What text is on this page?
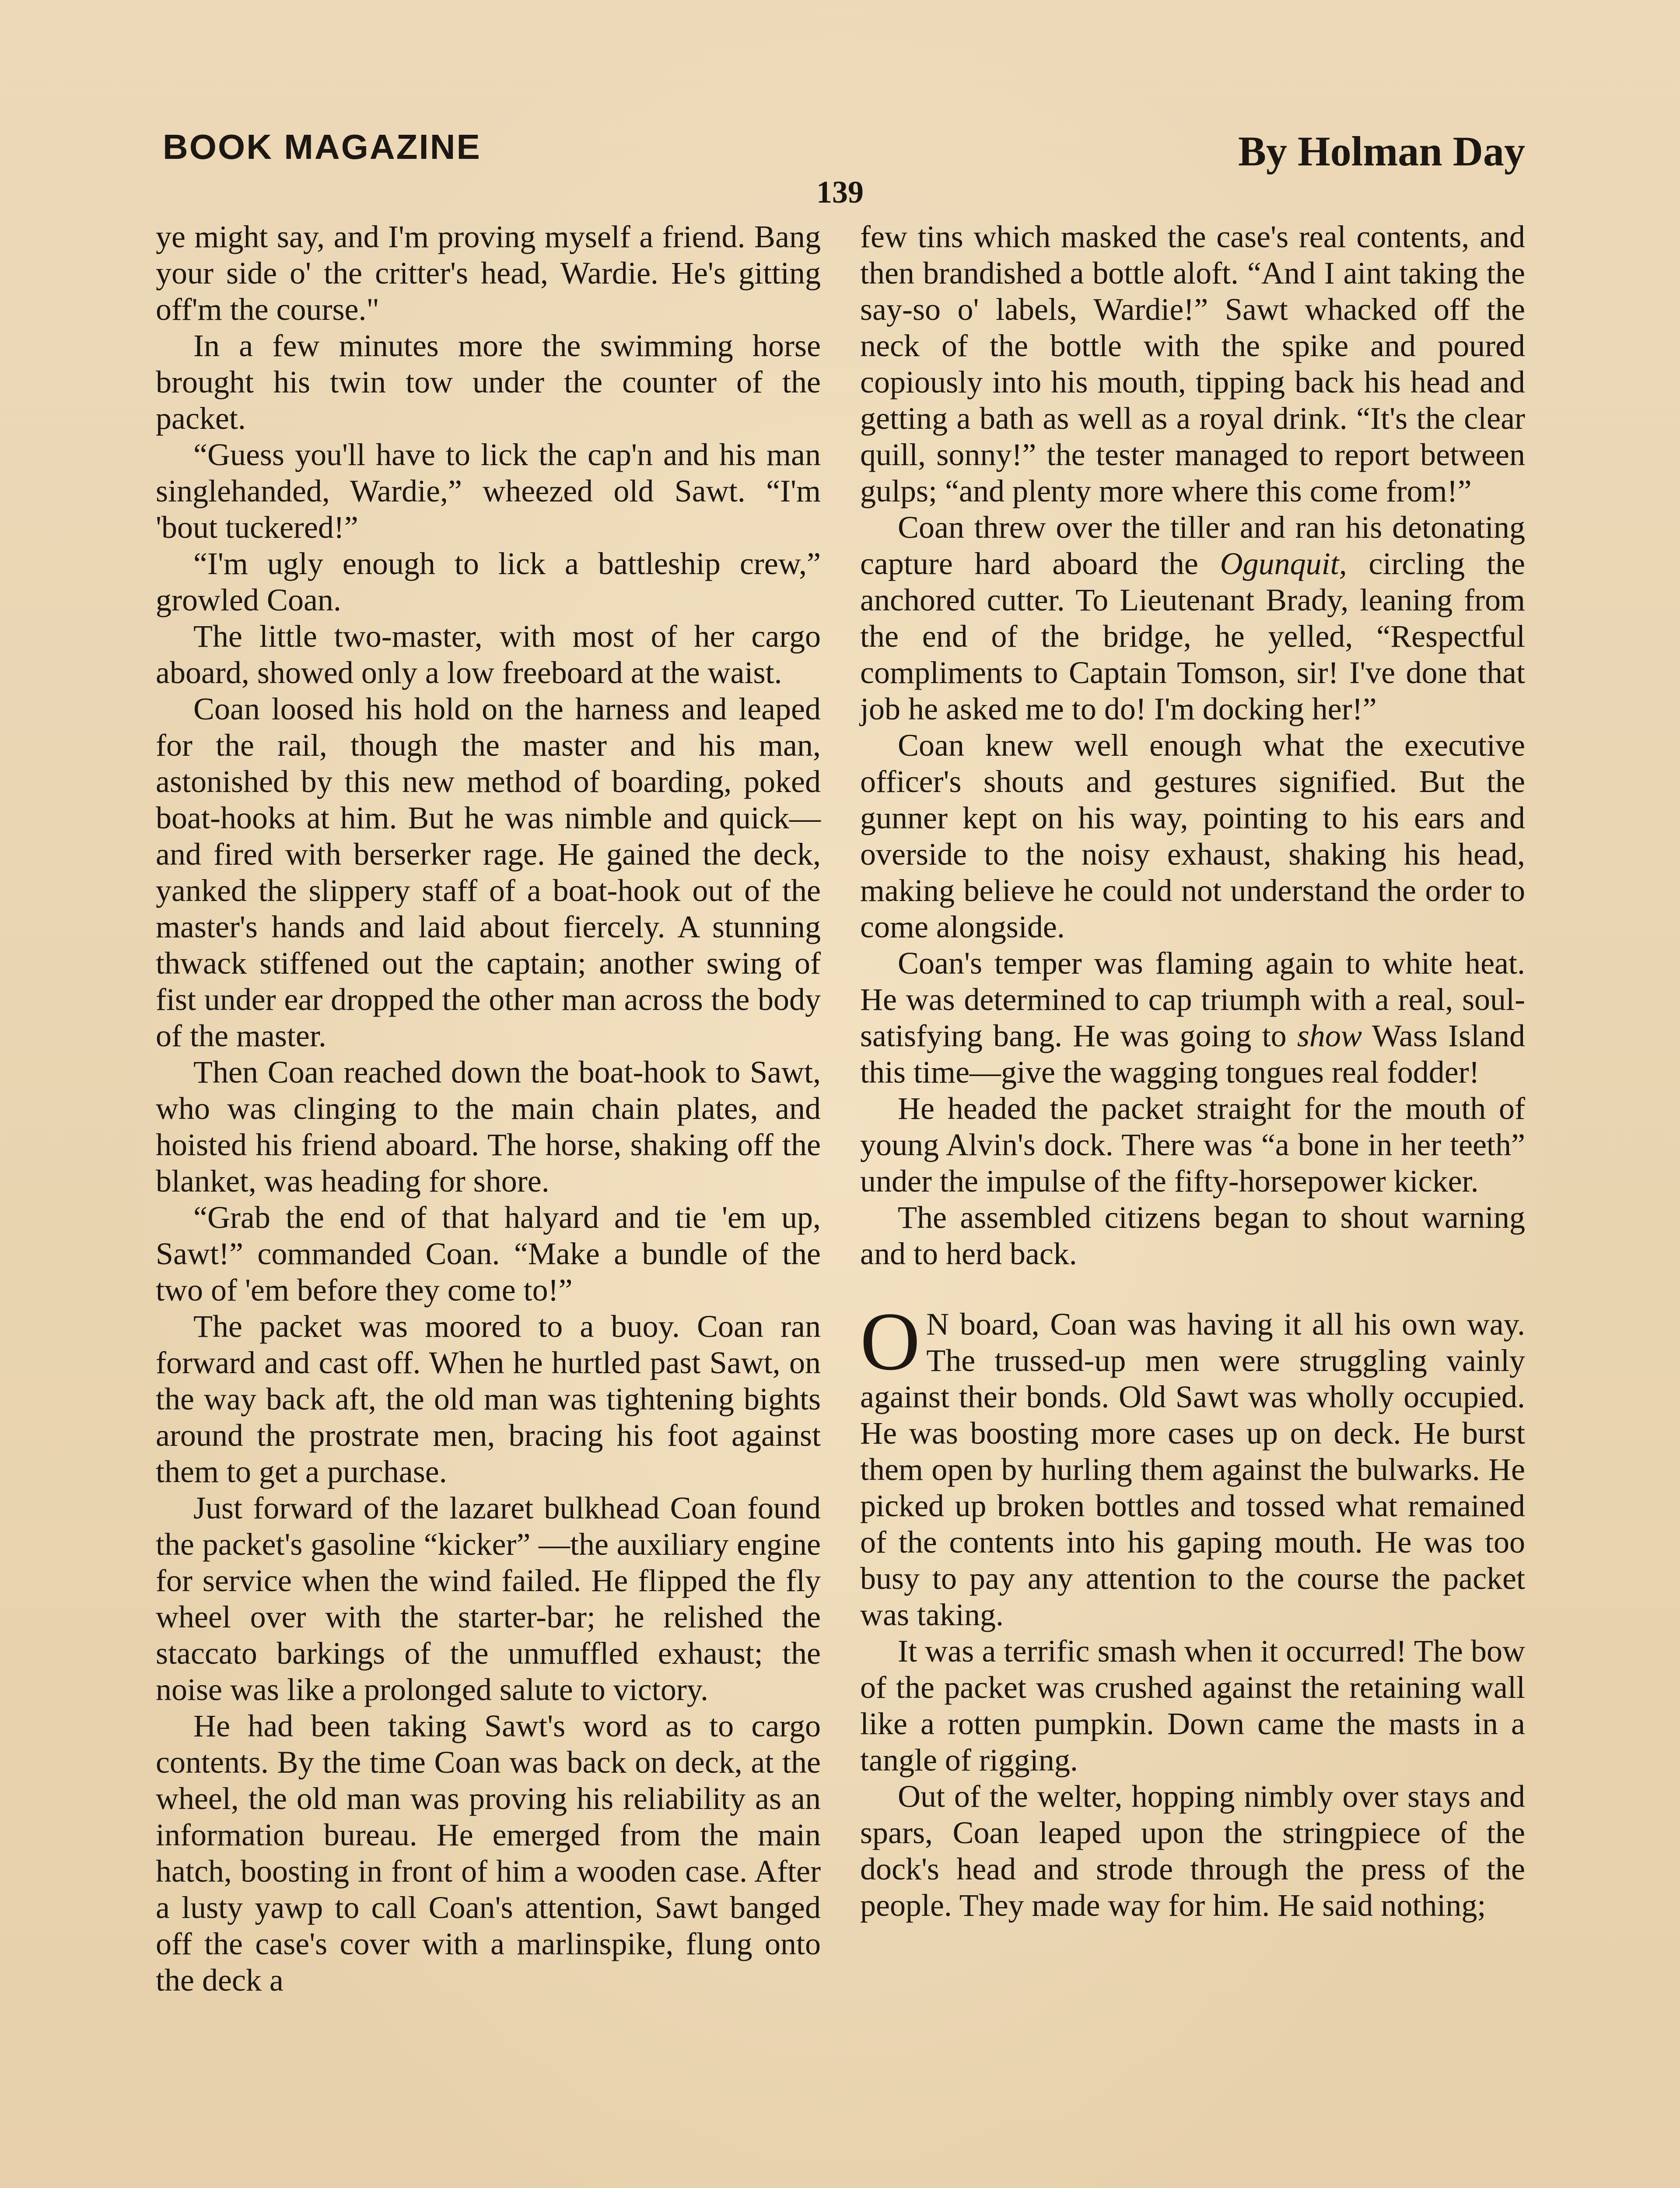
BOOK MAGAZINE	By Holman Day
139

ye might say, and I'm proving myself a friend. Bang your side o' the critter's head, Wardie. He's gitting off'm the course."

In a few minutes more the swimming horse brought his twin tow under the counter of the packet.

“Guess you'll have to lick the cap'n and his man singlehanded, Wardie,” wheezed old Sawt. “I'm 'bout tuckered!”

“I'm ugly enough to lick a battleship crew,” growled Coan.

The little two-master, with most of her cargo aboard, showed only a low freeboard at the waist.

Coan loosed his hold on the harness and leaped for the rail, though the master and his man, astonished by this new method of boarding, poked boat-hooks at him. But he was nimble and quick—and fired with berserker rage. He gained the deck, yanked the slippery staff of a boat-hook out of the master's hands and laid about fiercely. A stunning thwack stiffened out the captain; another swing of fist under ear dropped the other man across the body of the master.

Then Coan reached down the boat-hook to Sawt, who was clinging to the main chain plates, and hoisted his friend aboard. The horse, shaking off the blanket, was heading for shore.

“Grab the end of that halyard and tie 'em up, Sawt!” commanded Coan. “Make a bundle of the two of 'em before they come to!”

The packet was moored to a buoy. Coan ran forward and cast off. When he hurtled past Sawt, on the way back aft, the old man was tightening bights around the prostrate men, bracing his foot against them to get a purchase.

Just forward of the lazaret bulkhead Coan found the packet's gasoline “kicker” —the auxiliary engine for service when the wind failed. He flipped the fly wheel over with the starter-bar; he relished the staccato barkings of the unmuffled exhaust; the noise was like a prolonged salute to victory.

He had been taking Sawt's word as to cargo contents. By the time Coan was back on deck, at the wheel, the old man was proving his reliability as an information bureau. He emerged from the main hatch, boosting in front of him a wooden case. After a lusty yawp to call Coan's attention, Sawt banged off the case's cover with a marlinspike, flung onto the deck a

few tins which masked the case's real contents, and then brandished a bottle aloft. “And I aint taking the say-so o' labels, Wardie!” Sawt whacked off the neck of the bottle with the spike and poured copiously into his mouth, tipping back his head and getting a bath as well as a royal drink. “It's the clear quill, sonny!” the tester managed to report between gulps; “and plenty more where this come from!”

Coan threw over the tiller and ran his detonating capture hard aboard the Ogunquit, circling the anchored cutter. To Lieutenant Brady, leaning from the end of the bridge, he yelled, “Respectful compliments to Captain Tomson, sir! I've done that job he asked me to do! I'm docking her!”

Coan knew well enough what the executive officer's shouts and gestures signified. But the gunner kept on his way, pointing to his ears and overside to the noisy exhaust, shaking his head, making believe he could not understand the order to come alongside.

Coan's temper was flaming again to white heat. He was determined to cap triumph with a real, soul-satisfying bang. He was going to show Wass Island this time—give the wagging tongues real fodder!

He headed the packet straight for the mouth of young Alvin's dock. There was “a bone in her teeth” under the impulse of the fifty-horsepower kicker.

The assembled citizens began to shout warning and to herd back.

O N board, Coan was having it all his own way. The trussed-up men were struggling vainly against their bonds. Old Sawt was wholly occupied. He was boosting more cases up on deck. He burst them open by hurling them against the bulwarks. He picked up broken bottles and tossed what remained of the contents into his gaping mouth. He was too busy to pay any attention to the course the packet was taking.

It was a terrific smash when it occurred! The bow of the packet was crushed against the retaining wall like a rotten pumpkin. Down came the masts in a tangle of rigging.

Out of the welter, hopping nimbly over stays and spars, Coan leaped upon the stringpiece of the dock's head and strode through the press of the people. They made way for him. He said nothing;
